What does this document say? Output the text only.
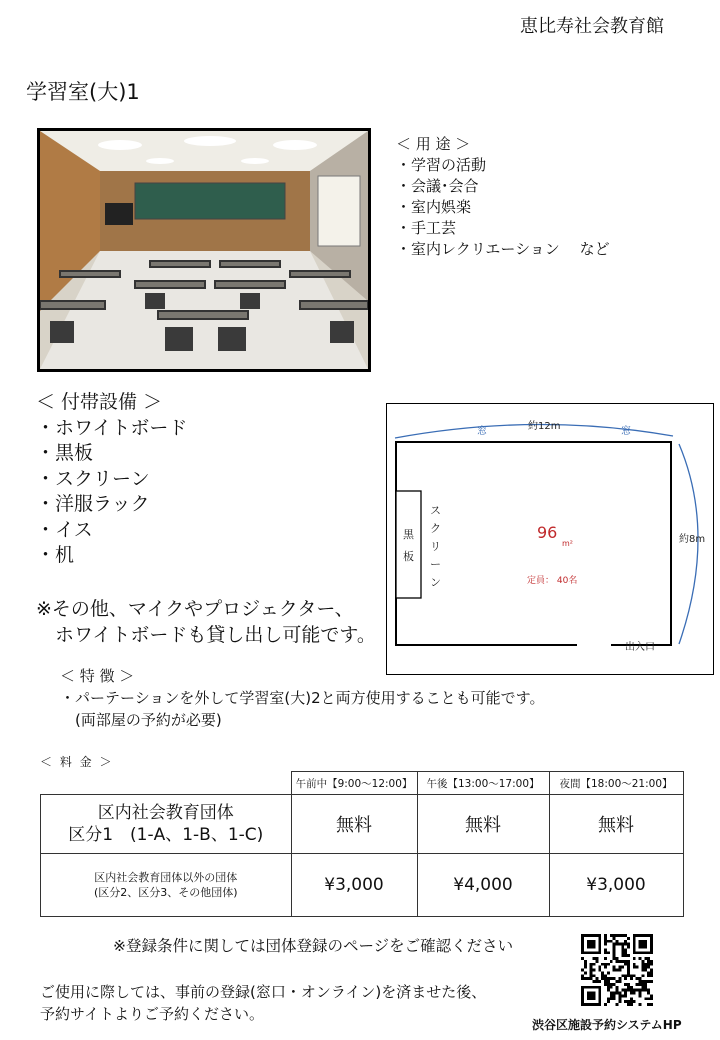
恵比寿社会教育館
学習室(大)1
＜ 用 途 ＞
・学習の活動
・会議･会合
・室内娯楽
・手工芸
・室内レクリエーション　 など
＜ 付帯設備 ＞
・ホワイトボード
・黒板
・スクリーン
・洋服ラック
・イス
・机
※その他、マイクやプロジェクター、
　ホワイトボードも貸し出し可能です。
窓	窓
約12m
約8m
黒板
スクリーン
96
m²
定員： 40名
出入口
＜ 特 徴 ＞
・パーテーションを外して学習室(大)2と両方使用することも可能です。
　(両部屋の予約が必要)
＜ 料 金 ＞
	午前中【9:00～12:00】	午後【13:00～17:00】	夜間【18:00～21:00】

区内社会教育団体
区分1　(1-A、1-B、1-C)	無料	無料	無料

区内社会教育団体以外の団体
(区分2、区分3、その他団体)	¥3,000	¥4,000	¥3,000
※登録条件に関しては団体登録のページをご確認ください
ご使用に際しては、事前の登録(窓口・オンライン)を済ませた後、
予約サイトよりご予約ください。
渋谷区施設予約システムHP
